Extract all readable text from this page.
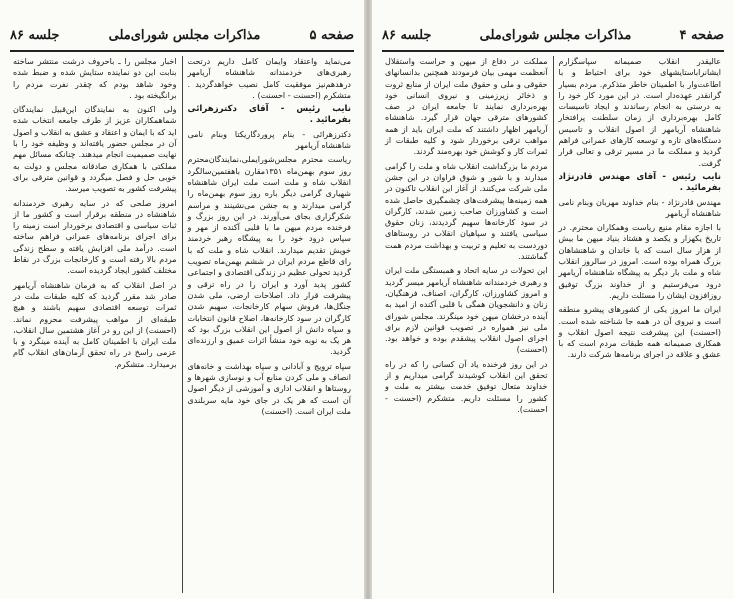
صفحه ۵
مذاکرات مجلس شورای‌ملی
جلسه ۸۶

می‌نماید واعتقاد وایمان کامل داریم درتحت رهبری‌های خردمندانه شاهنشاه آریامهر درهدهم‌نیز موفقیت کامل نصیب خواهدگردید . متشکرم (احسنت - احسنت) .

نایب رئیس - آقای دکترزهرائی بفرمائید .

دکترزهرائی - بنام پروردگاریکتا وبنام نامی شاهنشاه آریامهر

ریاست محترم مجلس‌شورایملی،نمایندگان‌محترم روز سوم بهمن‌ماه ۱۳۵۱مقارن با‌هفتمین‌سالگرد انقلاب شاه و ملت است ملت ایران شاهنشاه شهیاری گرامی دیگر باره روز سوم بهمن‌ماه را گرامی میدارند و به جشن می‌نشینند و مراسم شکرگزاری بجای می‌آورند. در این روز بزرگ و فرخنده مردم میهن ما با قلبی آکنده از مهر و سپاس درود خود را به پیشگاه رهبر خردمند خویش تقدیم میدارند. انقلاب شاه و ملت که با رای قاطع مردم ایران در ششم بهمن‌ماه تصویب گردید تحولی عظیم در زندگی اقتصادی و اجتماعی کشور پدید آورد و ایران را در راه ترقی و پیشرفت قرار داد. اصلاحات ارضی، ملی شدن جنگل‌ها، فروش سهام کارخانجات، سهیم شدن کارگران در سود کارخانه‌ها، اصلاح قانون انتخابات و سپاه دانش از اصول این انقلاب بزرگ بود که هر یک به نوبه خود منشأ اثرات عمیق و ارزنده‌ای گردید.

سپاه ترویج و آبادانی و سپاه بهداشت و خانه‌های انصاف و ملی کردن منابع آب و نوسازی شهرها و روستاها و انقلاب اداری و آموزشی از دیگر اصول آن است که هر یک در جای خود مایه سربلندی ملت ایران است. (احسنت)

اخبار مجلس را ـ باحروف درشت منتشر ساخته بنابت این دو نماینده ستایش شده و ضبط شده وخود شاهد بودم که چقدر نفرت مردم را برانگیخته بود .

ولی اکنون به نمایندگان‌ این‌قبیل نمایندگان شما‌همکاران عزیز از طرف جامعه انتخاب شده اید که با ایمان و اعتقاد و عشق به انقلاب و اصول آن در مجلس حضور یافته‌اند و وظیفه خود را با نهایت صمیمیت انجام میدهند. چنانکه مسائل مهم مملکتی با همکاری صادقانه مجلس و دولت به خوبی حل و فصل میگردد و قوانین مترقی برای پیشرفت کشور به تصویب میرسد.

امروز صلحی که در سایه رهبری خردمندانه شاهنشاه در منطقه برقرار است و کشور ما از ثبات سیاسی و اقتصادی برخوردار است زمینه را برای اجرای برنامه‌های عمرانی فراهم ساخته است. درآمد ملی افزایش یافته و سطح زندگی مردم بالا رفته است و کارخانجات بزرگ در نقاط مختلف کشور ایجاد گردیده است.

در اصل انقلاب که به فرمان شاهنشاه آریامهر صادر شد مقرر گردید که کلیه طبقات ملت در ثمرات توسعه اقتصادی سهیم باشند و هیچ طبقه‌ای از مواهب پیشرفت محروم نماند. (احسنت) از این رو در آغاز هشتمین سال انقلاب، ملت ایران با اطمینان کامل به آینده مینگرد و با عزمی راسخ در راه تحقق آرمان‌های انقلاب گام برمیدارد. متشکرم.

صفحه ۴
مذاکرات مجلس شورای‌ملی
جلسه ۸۶

عالیقدر انقلاب صمیمانه سپاسگزارم ایشانرابا‌ستایشهای خود برای احتیاط و با اطاعت‌وار با اطمینان خاطر متذکرم. مردم بسیار گرانقدر عهده‌دار است. در این مورد کار خود را به درستی به انجام رساندند و ایجاد تاسیسات کامل بهره‌برداری از زمان سلطنت پرافتخار شاهنشاه آریامهر از اصول انقلاب و تاسیس دستگاه‌های تازه و توسعه کارهای عمرانی فراهم گردید و مملکت ما در مسیر ترقی و تعالی قرار گرفت.

نایب رئیس - آقای مهندس قادرنژاد بفرمائید .

مهندس قادرنژاد - بنام خداوند مهربان وبنام نامی شاهنشاه آریامهر

با اجازه مقام منیع ریاست وهمکاران محترم. در تاریخ یکهزار و یکصد و هشتاد بنیاد میهن ما بیش از هزار سال است که با خاندان و شاهنشاهان بزرگ همراه بوده است. امروز در سالروز انقلاب شاه و ملت بار دیگر به پیشگاه شاهنشاه آریامهر درود می‌فرستیم و از خداوند بزرگ توفیق روزافزون ایشان را مسئلت داریم.

ایران ما امروز یکی از کشورهای پیشرو منطقه است و نیروی آن در همه جا شناخته شده است. (احسنت) این پیشرفت نتیجه اصول انقلاب و همکاری صمیمانه همه طبقات مردم است که با عشق و علاقه در اجرای برنامه‌ها شرکت دارند.

مملکت در دفاع از میهن و حراست واستقلال آنعظمت مهمی بیان فرمودند همچنین بدانسانهای حقوقی و ملی و حقوق ملت ایران از منابع ثروت و ذخائر زیرزمینی و نیروی انسانی خود بهره‌برداری نمایند تا جامعه ایران در صف کشورهای مترقی جهان قرار گیرد. شاهنشاه آریامهر اظهار داشتند که ملت ایران باید از همه مواهب ترقی برخوردار شود و کلیه طبقات از ثمرات کار و کوشش خود بهره‌مند گردند.

مردم ما بزرگداشت انقلاب شاه و ملت را گرامی میدارند و با شور و شوق فراوان در این جشن ملی شرکت می‌کنند. از آغاز این انقلاب تاکنون در همه زمینه‌ها پیشرفت‌های چشمگیری حاصل شده است و کشاورزان صاحب زمین شدند، کارگران در سود کارخانه‌ها سهیم گردیدند، زنان حقوق سیاسی یافتند و سپاهیان انقلاب در روستاهای دوردست به تعلیم و تربیت و بهداشت مردم همت گماشتند.

این تحولات در سایه اتحاد و همبستگی ملت ایران و رهبری خردمندانه شاهنشاه آریامهر میسر گردید و امروز کشاورزان، کارگران، اصناف، فرهنگیان، زنان و دانشجویان همگی با قلبی آکنده از امید به آینده درخشان میهن خود مینگرند. مجلس شورای ملی نیز همواره در تصویب قوانین لازم برای اجرای اصول انقلاب پیشقدم بوده و خواهد بود. (احسنت)

در این روز فرخنده یاد آن کسانی را که در راه تحقق این انقلاب کوشیدند گرامی میداریم و از خداوند متعال توفیق خدمت بیشتر به ملت و کشور را مسئلت داریم. متشکرم (احسنت - احسنت).
